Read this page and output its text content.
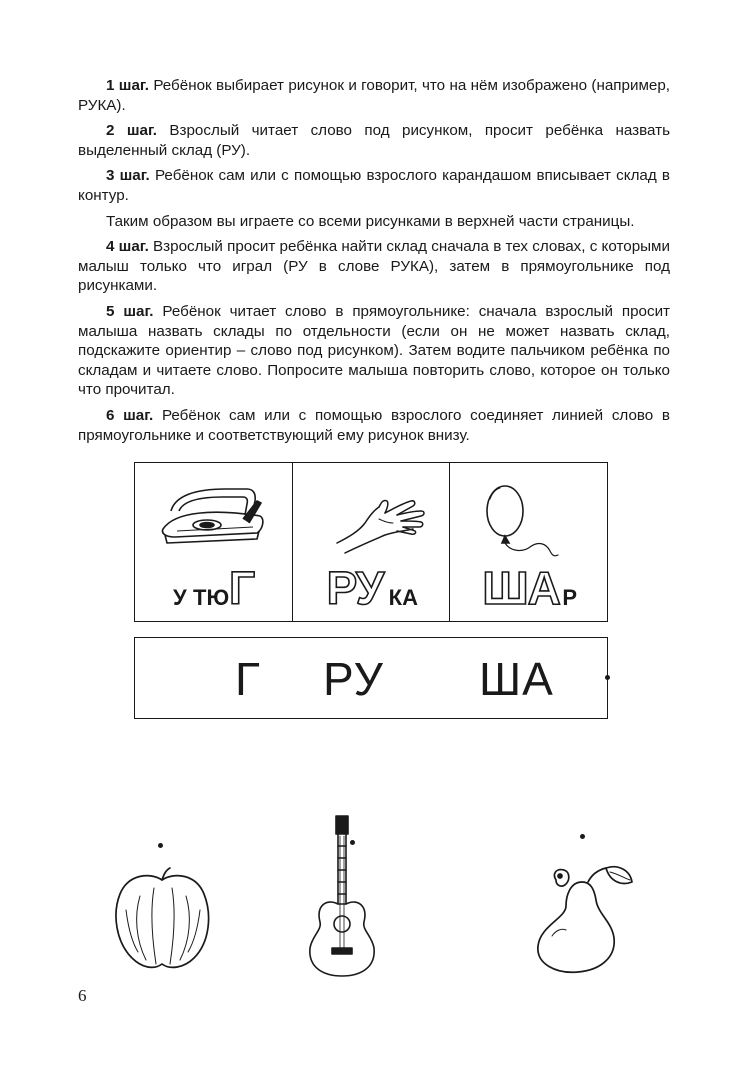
1 шаг. Ребёнок выбирает рисунок и говорит, что на нём изображено (например, РУКА).

2 шаг. Взрослый читает слово под рисунком, просит ребёнка назвать выделенный склад (РУ).

3 шаг. Ребёнок сам или с помощью взрослого карандашом вписывает склад в контур.

Таким образом вы играете со всеми рисунками в верхней части страницы.

4 шаг. Взрослый просит ребёнка найти склад сначала в тех словах, с которыми малыш только что играл (РУ в слове РУКА), затем в прямоугольнике под рисунками.

5 шаг. Ребёнок читает слово в прямоугольнике: сначала взрослый просит малыша назвать склады по отдельности (если он не может назвать склад, подскажите ориентир – слово под рисунком). Затем водите пальчиком ребёнка по складам и читаете слово. Попросите малыша повторить слово, которое он только что прочитал.

6 шаг. Ребёнок сам или с помощью взрослого соединяет линией слово в прямоугольнике и соответствующий ему рисунок внизу.

У ТЮ Г РУ КА ША Р
Г РУ ША
6
